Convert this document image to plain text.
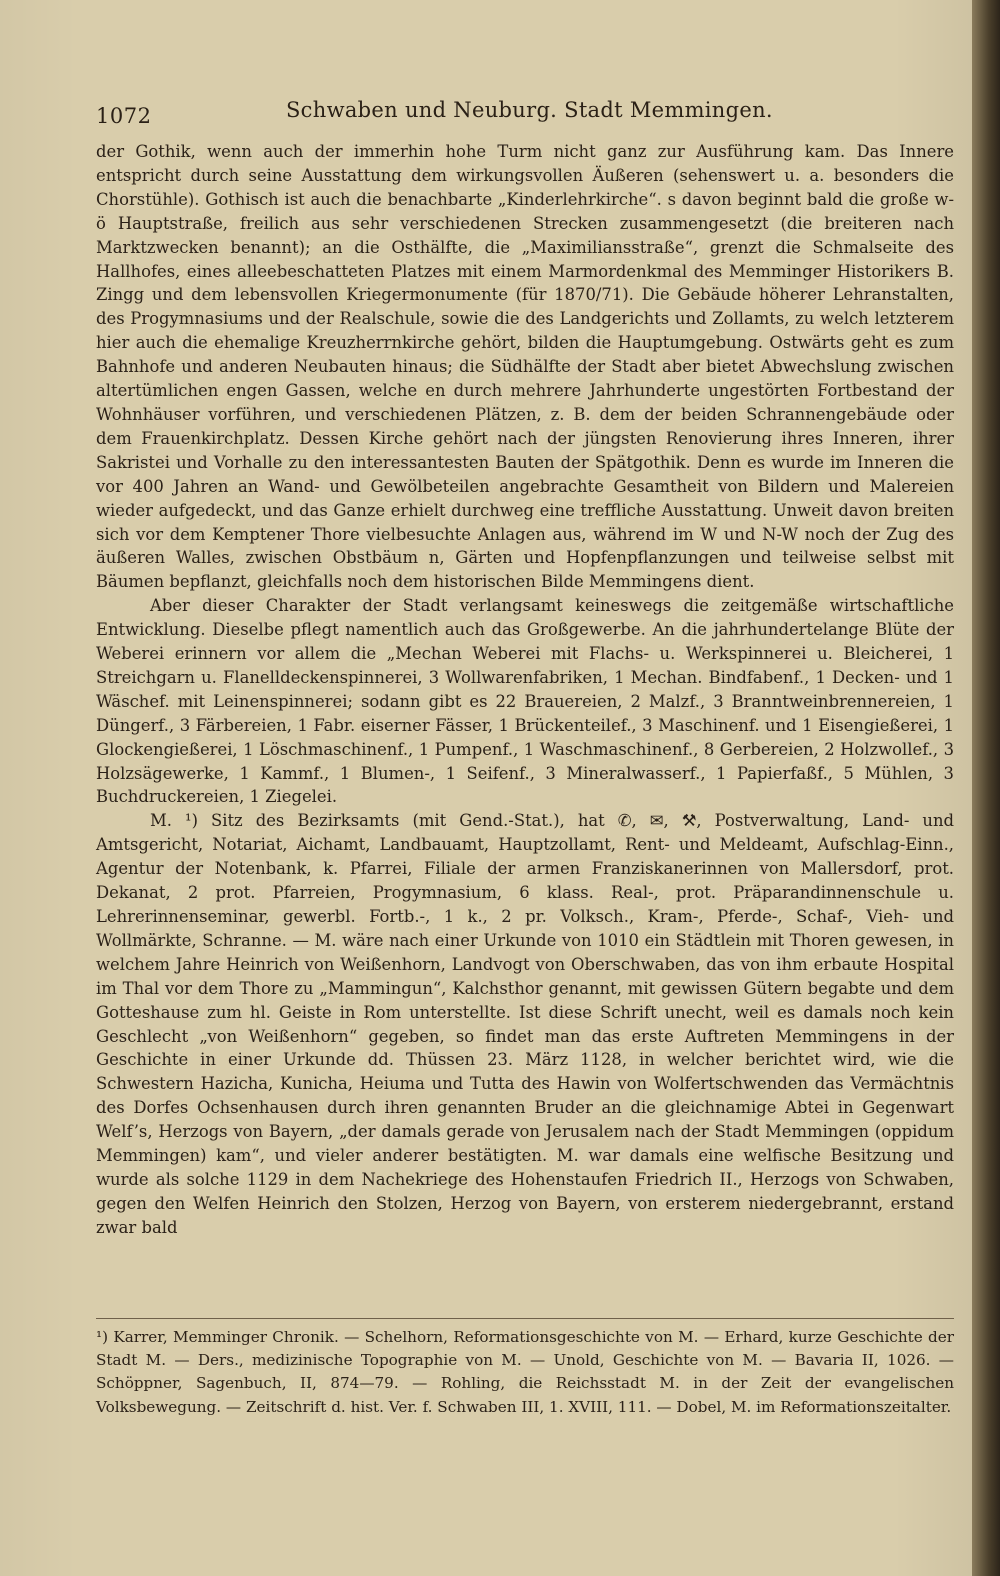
1072	Schwaben und Neuburg. Stadt Memmingen.

der Gothik, wenn auch der immerhin hohe Turm nicht ganz zur Ausführung kam. Das Innere entspricht durch seine Ausstattung dem wirkungsvollen Äußeren (sehenswert u. a. besonders die Chorstühle). Gothisch ist auch die benachbarte „Kinderlehrkirche“. s davon beginnt bald die große w-ö Hauptstraße, freilich aus sehr verschiedenen Strecken zusammengesetzt (die breiteren nach Marktzwecken benannt); an die Osthälfte, die „Maximiliansstraße“, grenzt die Schmalseite des Hallhofes, eines alleebeschatteten Platzes mit einem Marmordenkmal des Memminger Historikers B. Zingg und dem lebensvollen Kriegermonumente (für 1870/71). Die Gebäude höherer Lehranstalten, des Progymnasiums und der Realschule, sowie die des Landgerichts und Zollamts, zu welch letzterem hier auch die ehemalige Kreuzherrnkirche gehört, bilden die Hauptumgebung. Ostwärts geht es zum Bahnhofe und anderen Neubauten hinaus; die Südhälfte der Stadt aber bietet Abwechslung zwischen altertümlichen engen Gassen, welche en durch mehrere Jahrhunderte ungestörten Fortbestand der Wohnhäuser vorführen, und verschiedenen Plätzen, z. B. dem der beiden Schrannengebäude oder dem Frauenkirchplatz. Dessen Kirche gehört nach der jüngsten Renovierung ihres Inneren, ihrer Sakristei und Vorhalle zu den interessantesten Bauten der Spätgothik. Denn es wurde im Inneren die vor 400 Jahren an Wand- und Gewölbeteilen angebrachte Gesamtheit von Bildern und Malereien wieder aufgedeckt, und das Ganze erhielt durchweg eine treffliche Ausstattung. Unweit davon breiten sich vor dem Kemptener Thore vielbesuchte Anlagen aus, während im W und N-W noch der Zug des äußeren Walles, zwischen Obstbäum n, Gärten und Hopfenpflanzungen und teilweise selbst mit Bäumen bepflanzt, gleichfalls noch dem historischen Bilde Memmingens dient.

Aber dieser Charakter der Stadt verlangsamt keineswegs die zeitgemäße wirtschaftliche Entwicklung. Dieselbe pflegt namentlich auch das Großgewerbe. An die jahrhundertelange Blüte der Weberei erinnern vor allem die „Mechan Weberei mit Flachs- u. Werkspinnerei u. Bleicherei, 1 Streichgarn u. Flanelldeckenspinnerei, 3 Wollwarenfabriken, 1 Mechan. Bindfabenf., 1 Decken- und 1 Wäschef. mit Leinenspinnerei; sodann gibt es 22 Brauereien, 2 Malzf., 3 Branntweinbrennereien, 1 Düngerf., 3 Färbereien, 1 Fabr. eiserner Fässer, 1 Brückenteilef., 3 Maschinenf. und 1 Eisengießerei, 1 Glockengießerei, 1 Löschmaschinenf., 1 Pumpenf., 1 Waschmaschinenf., 8 Gerbereien, 2 Holzwollef., 3 Holzsägewerke, 1 Kammf., 1 Blumen-, 1 Seifenf., 3 Mineralwasserf., 1 Papierfaßf., 5 Mühlen, 3 Buchdruckereien, 1 Ziegelei.

M. ¹) Sitz des Bezirksamts (mit Gend.-Stat.), hat ✆, ✉, ⚒, Postverwaltung, Land- und Amtsgericht, Notariat, Aichamt, Landbauamt, Hauptzollamt, Rent- und Meldeamt, Aufschlag-Einn., Agentur der Notenbank, k. Pfarrei, Filiale der armen Franziskanerinnen von Mallersdorf, prot. Dekanat, 2 prot. Pfarreien, Progymnasium, 6 klass. Real-, prot. Präparandinnenschule u. Lehrerinnenseminar, gewerbl. Fortb.-, 1 k., 2 pr. Volksch., Kram-, Pferde-, Schaf-, Vieh- und Wollmärkte, Schranne. — M. wäre nach einer Urkunde von 1010 ein Städtlein mit Thoren gewesen, in welchem Jahre Heinrich von Weißenhorn, Landvogt von Oberschwaben, das von ihm erbaute Hospital im Thal vor dem Thore zu „Mammingun“, Kalchsthor genannt, mit gewissen Gütern begabte und dem Gotteshause zum hl. Geiste in Rom unterstellte. Ist diese Schrift unecht, weil es damals noch kein Geschlecht „von Weißenhorn“ gegeben, so findet man das erste Auftreten Memmingens in der Geschichte in einer Urkunde dd. Thüssen 23. März 1128, in welcher berichtet wird, wie die Schwestern Hazicha, Kunicha, Heiuma und Tutta des Hawin von Wolfertschwenden das Vermächtnis des Dorfes Ochsenhausen durch ihren genannten Bruder an die gleichnamige Abtei in Gegenwart Welf’s, Herzogs von Bayern, „der damals gerade von Jerusalem nach der Stadt Memmingen (oppidum Memmingen) kam“, und vieler anderer bestätigten. M. war damals eine welfische Besitzung und wurde als solche 1129 in dem Nachekriege des Hohenstaufen Friedrich II., Herzogs von Schwaben, gegen den Welfen Heinrich den Stolzen, Herzog von Bayern, von ersterem niedergebrannt, erstand zwar bald

¹) Karrer, Memminger Chronik. — Schelhorn, Reformationsgeschichte von M. — Erhard, kurze Geschichte der Stadt M. — Ders., medizinische Topographie von M. — Unold, Geschichte von M. — Bavaria II, 1026. — Schöppner, Sagenbuch, II, 874—79. — Rohling, die Reichsstadt M. in der Zeit der evangelischen Volksbewegung. — Zeitschrift d. hist. Ver. f. Schwaben III, 1. XVIII, 111. — Dobel, M. im Reformationszeitalter.
